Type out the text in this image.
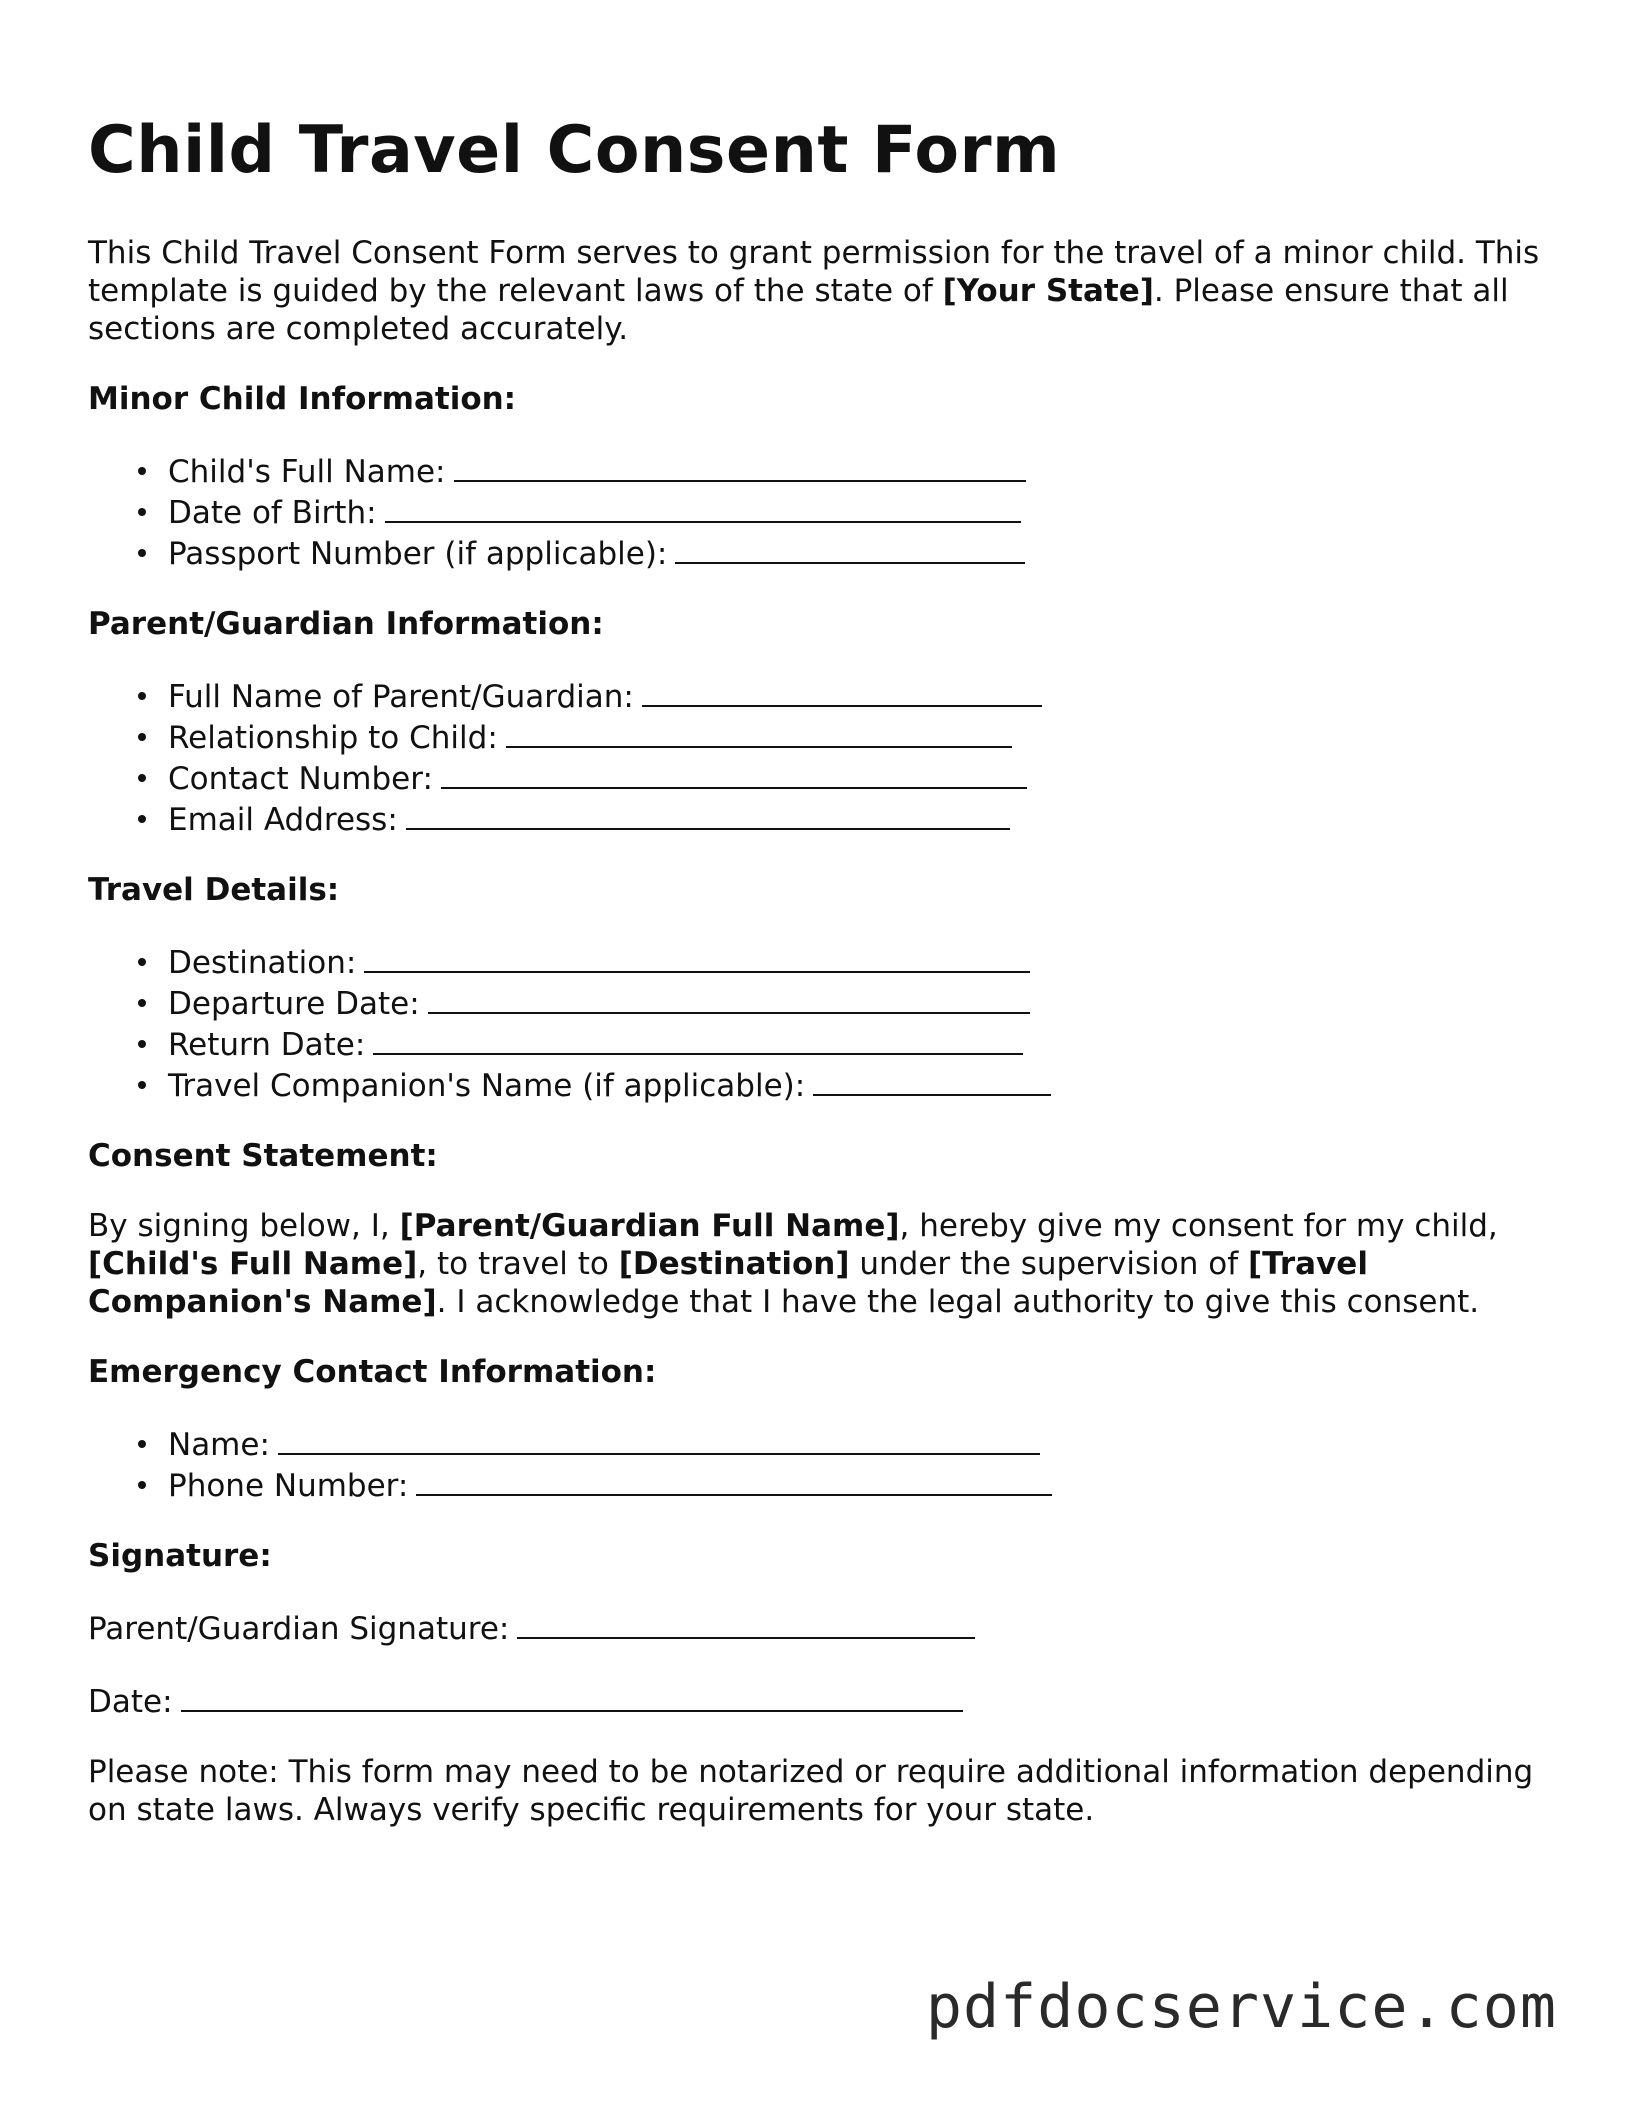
Child Travel Consent Form

This Child Travel Consent Form serves to grant permission for the travel of a minor child. This template is guided by the relevant laws of the state of [Your State]. Please ensure that all sections are completed accurately.

Minor Child Information:
Child's Full Name:
Date of Birth:
Passport Number (if applicable):
Parent/Guardian Information:
Full Name of Parent/Guardian:
Relationship to Child:
Contact Number:
Email Address:
Travel Details:
Destination:
Departure Date:
Return Date:
Travel Companion's Name (if applicable):
Consent Statement:

By signing below, I, [Parent/Guardian Full Name], hereby give my consent for my child, [Child's Full Name], to travel to [Destination] under the supervision of [Travel Companion's Name]. I acknowledge that I have the legal authority to give this consent.

Emergency Contact Information:
Name:
Phone Number:
Signature:

Parent/Guardian Signature:

Date:

Please note: This form may need to be notarized or require additional information depending on state laws. Always verify specific requirements for your state.

pdfdocservice.com
